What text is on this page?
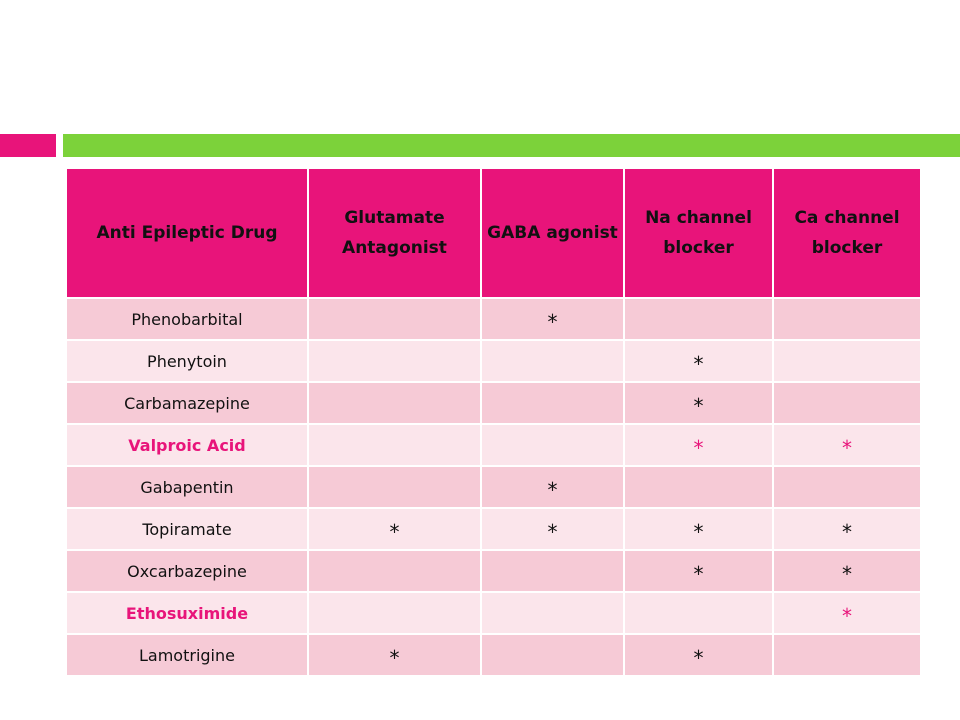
Anti Epileptic Drug	Glutamate Antagonist	GABA agonist	Na channel blocker	Ca channel blocker
Phenobarbital		*		
Phenytoin			*	
Carbamazepine			*	
Valproic Acid			*	*
Gabapentin		*		
Topiramate	*	*	*	*
Oxcarbazepine			*	*
Ethosuximide				*
Lamotrigine	*		*	
